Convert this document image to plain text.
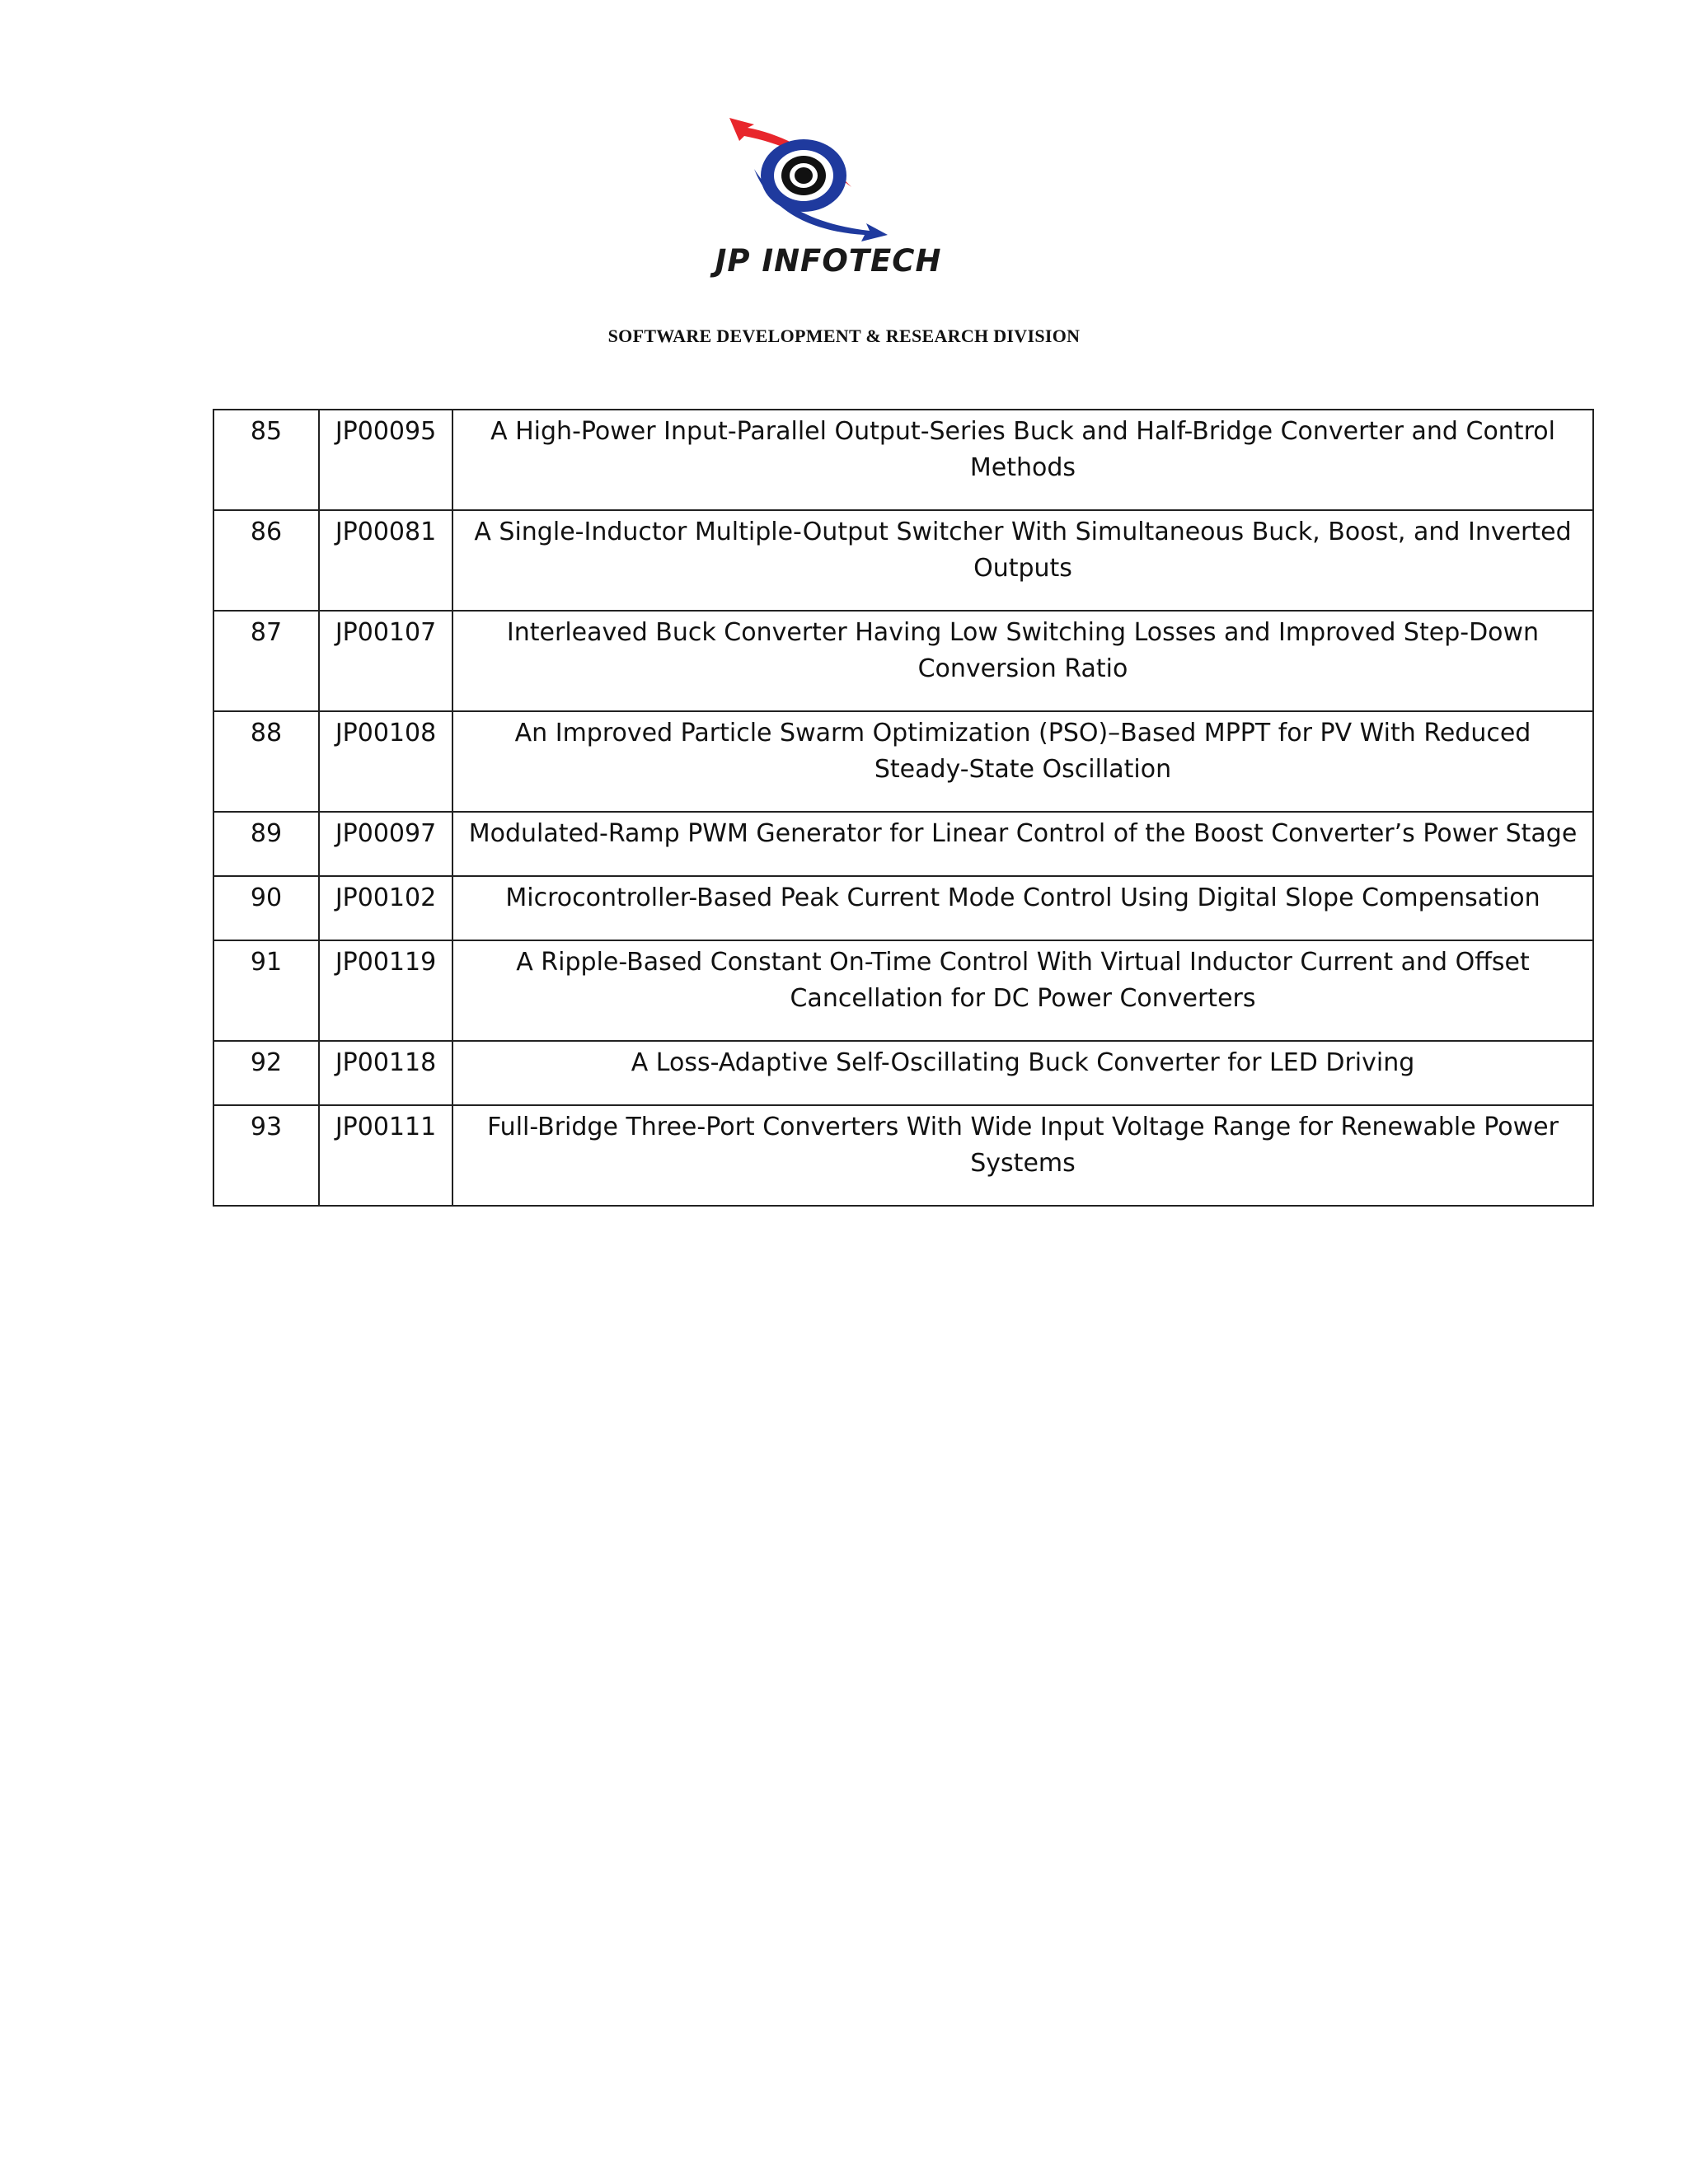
JP INFOTECH
SOFTWARE DEVELOPMENT & RESEARCH DIVISION
85	JP00095	A High-Power Input-Parallel Output-Series Buck and Half-Bridge Converter and Control Methods
86	JP00081	A Single-Inductor Multiple-Output Switcher With Simultaneous Buck, Boost, and Inverted Outputs
87	JP00107	Interleaved Buck Converter Having Low Switching Losses and Improved Step-Down Conversion Ratio
88	JP00108	An Improved Particle Swarm Optimization (PSO)–Based MPPT for PV With Reduced Steady-State Oscillation
89	JP00097	Modulated-Ramp PWM Generator for Linear Control of the Boost Converter’s Power Stage
90	JP00102	Microcontroller-Based Peak Current Mode Control Using Digital Slope Compensation
91	JP00119	A Ripple-Based Constant On-Time Control With Virtual Inductor Current and Offset Cancellation for DC Power Converters
92	JP00118	A Loss-Adaptive Self-Oscillating Buck Converter for LED Driving
93	JP00111	Full-Bridge Three-Port Converters With Wide Input Voltage Range for Renewable Power Systems
